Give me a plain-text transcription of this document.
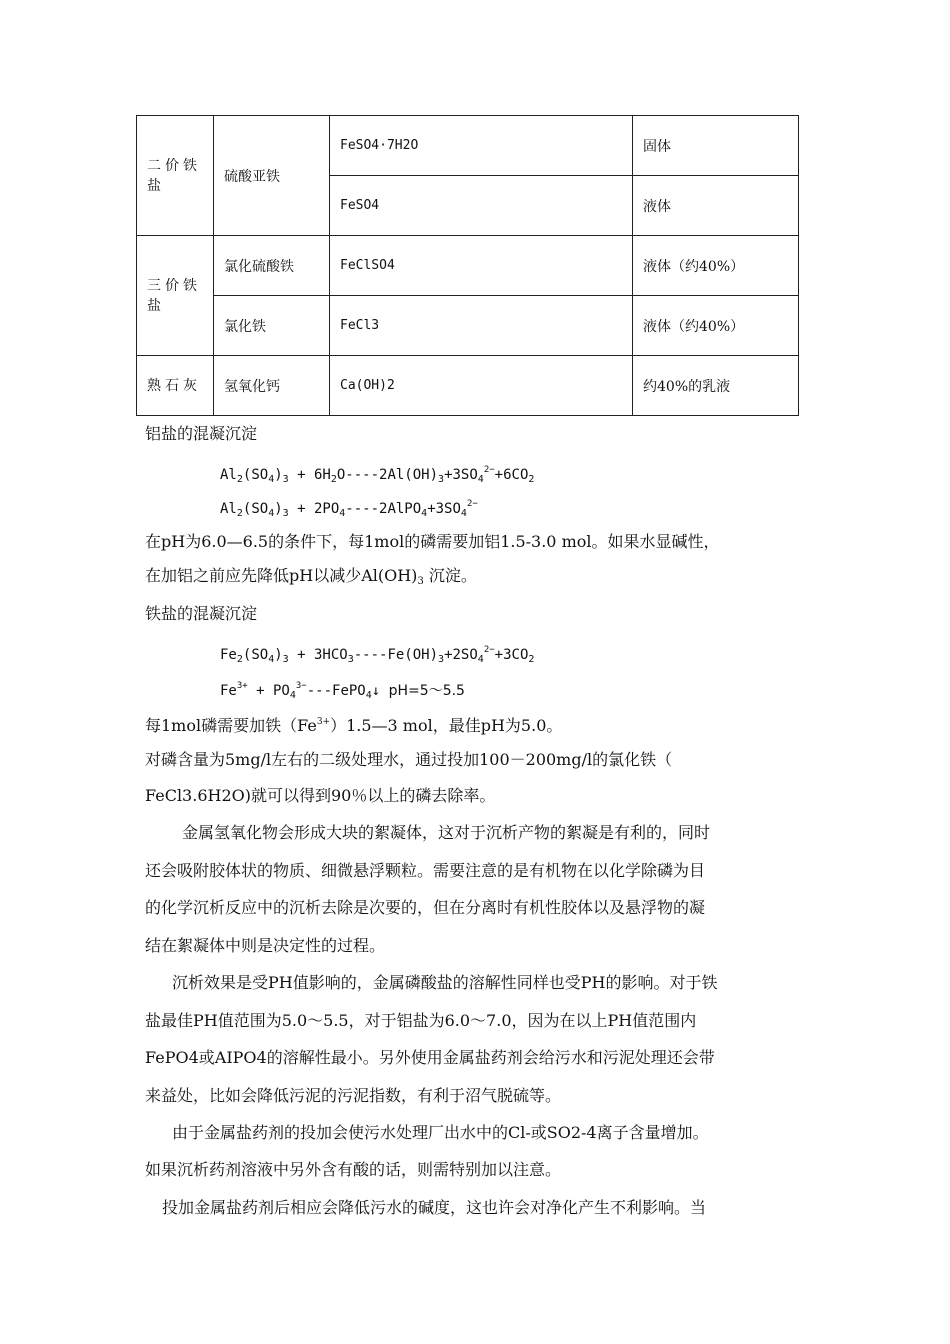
二价铁盐	硫酸亚铁	FeSO4·7H2O	固体
		FeSO4	液体
三价铁盐	氯化硫酸铁	FeClSO4	液体（约40%）
	氯化铁	FeCl3	液体（约40%）
熟石灰	氢氧化钙	Ca(OH)2	约40%的乳液
铝盐的混凝沉淀
$Al_2(SO_4)_3 + 6H_2O----2Al(OH)_3+3SO_4^{2-}+6CO_2$
$Al_2(SO_4)_3$ + $2PO_4----2AlPO_4+3SO_4^{2-}$
在pH为6.0—6.5的条件下，每1mol的磷需要加铝1.5-3.0 mol。如果水显碱性，
在加铝之前应先降低pH以减少$Al(OH)_3$ 沉淀。
铁盐的混凝沉淀
$Fe_2(SO_4)_3 + 3HCO_3----Fe(OH)_3+2SO_4^{2-}+3CO_2$
$Fe^{3+}$ + $PO_4^{3-}---FePO_4↓$ pH=5～5.5
每1mol磷需要加铁$(Fe^{3+})1.5—3$ mol，最佳pH为5.0。
对磷含量为5mg/l左右的二级处理水，通过投加100－200mg/l的氯化铁（
FeCl3.6H2O)就可以得到90％以上的磷去除率。
金属氢氧化物会形成大块的絮凝体，这对于沉析产物的絮凝是有利的，同时
还会吸附胶体状的物质、细微悬浮颗粒。需要注意的是有机物在以化学除磷为目
的化学沉析反应中的沉析去除是次要的，但在分离时有机性胶体以及悬浮物的凝
结在絮凝体中则是决定性的过程。
沉析效果是受PH值影响的，金属磷酸盐的溶解性同样也受PH的影响。对于铁
盐最佳PH值范围为5.0～5.5，对于铝盐为6.0～7.0，因为在以上PH值范围内
FePO4或AIPO4的溶解性最小。另外使用金属盐药剂会给污水和污泥处理还会带
来益处，比如会降低污泥的污泥指数，有利于沼气脱硫等。
由于金属盐药剂的投加会使污水处理厂出水中的Cl-或SO2-4离子含量增加。
如果沉析药剂溶液中另外含有酸的话，则需特别加以注意。
投加金属盐药剂后相应会降低污水的碱度，这也许会对净化产生不利影响。当
